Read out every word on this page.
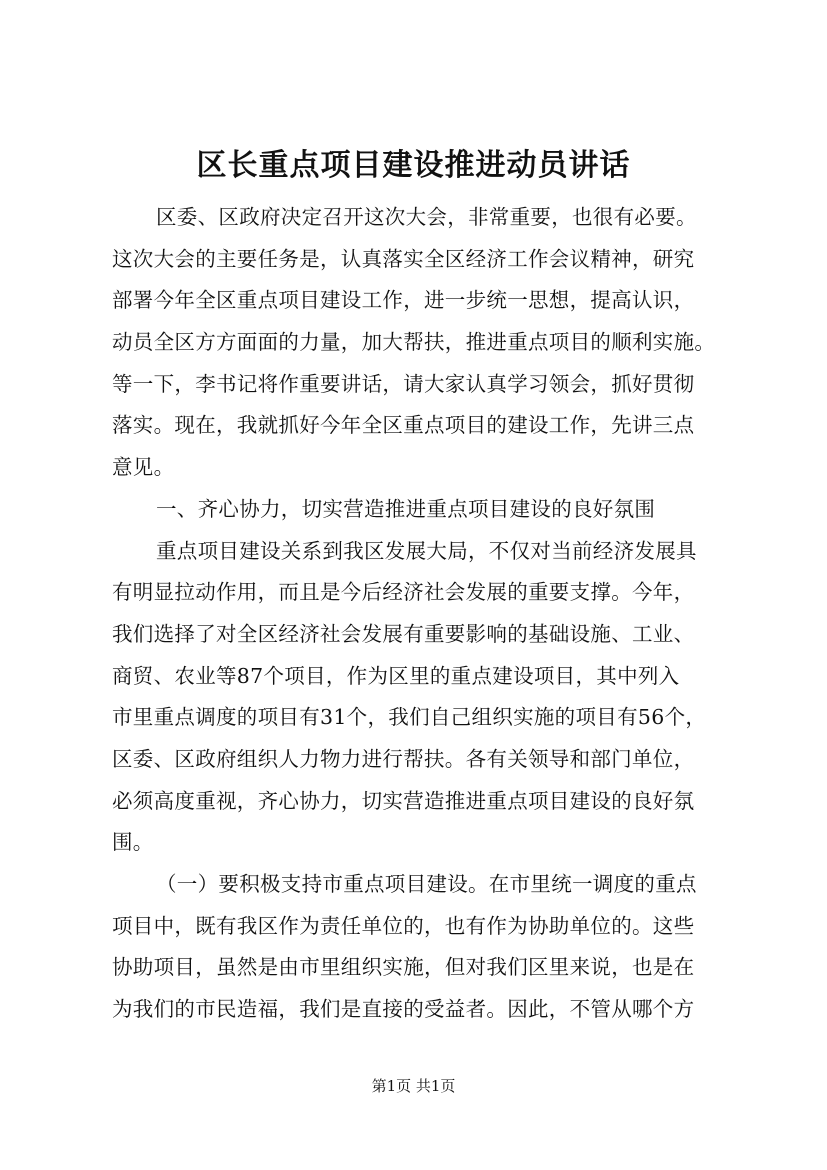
区长重点项目建设推进动员讲话
区委、区政府决定召开这次大会，非常重要，也很有必要。
这次大会的主要任务是，认真落实全区经济工作会议精神，研究
部署今年全区重点项目建设工作，进一步统一思想，提高认识，
动员全区方方面面的力量，加大帮扶，推进重点项目的顺利实施。
等一下，李书记将作重要讲话，请大家认真学习领会，抓好贯彻
落实。现在，我就抓好今年全区重点项目的建设工作，先讲三点
意见。
一、齐心协力，切实营造推进重点项目建设的良好氛围
重点项目建设关系到我区发展大局，不仅对当前经济发展具
有明显拉动作用，而且是今后经济社会发展的重要支撑。今年，
我们选择了对全区经济社会发展有重要影响的基础设施、工业、
商贸、农业等87个项目，作为区里的重点建设项目，其中列入
市里重点调度的项目有31个，我们自己组织实施的项目有56个，
区委、区政府组织人力物力进行帮扶。各有关领导和部门单位，
必须高度重视，齐心协力，切实营造推进重点项目建设的良好氛
围。
（一）要积极支持市重点项目建设。在市里统一调度的重点
项目中，既有我区作为责任单位的，也有作为协助单位的。这些
协助项目，虽然是由市里组织实施，但对我们区里来说，也是在
为我们的市民造福，我们是直接的受益者。因此，不管从哪个方
第1页 共1页
